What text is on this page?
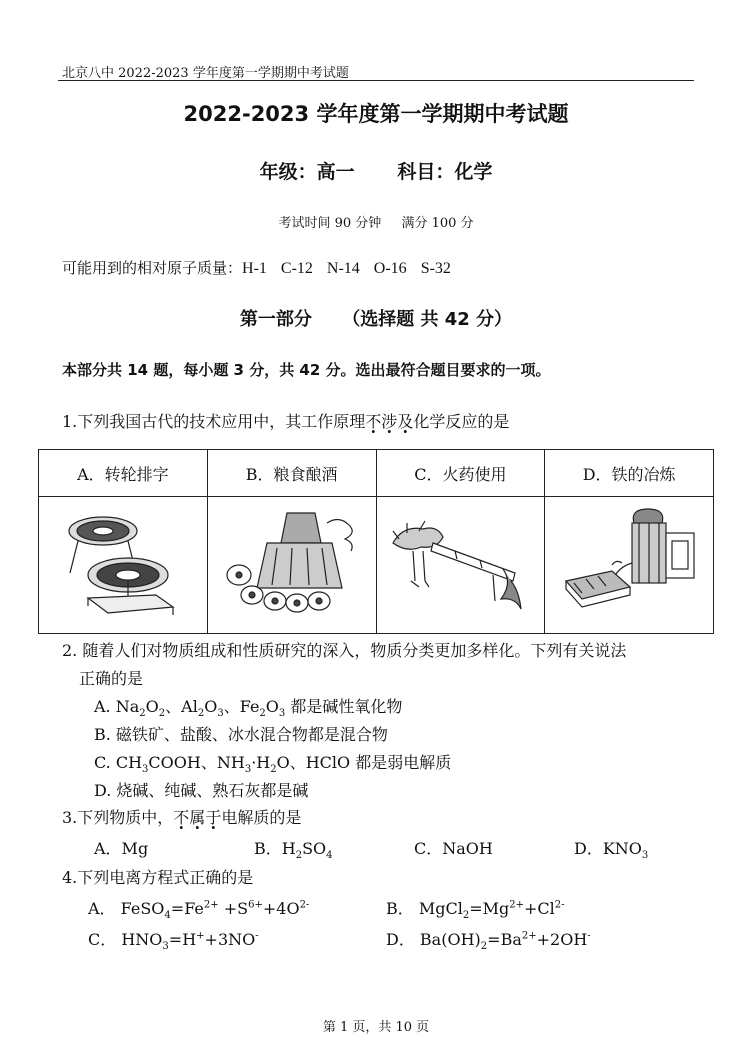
北京八中 2022-2023 学年度第一学期期中考试题
2022-2023 学年度第一学期期中考试题
年级：高一 科目：化学
考试时间 90 分钟 满分 100 分
可能用到的相对原子质量：H-1 C-12 N-14 O-16 S-32
第一部分 （选择题 共 42 分）
本部分共 14 题，每小题 3 分，共 42 分。选出最符合题目要求的一项。
1.下列我国古代的技术应用中，其工作原理不涉及化学反应的是
A．转轮排字	B．粮食酿酒	C．火药使用	D．铁的冶炼

2. 随着人们对物质组成和性质研究的深入，物质分类更加多样化。下列有关说法
正确的是
A. $Na_2O_2$、$Al_2O_3$、$Fe_2O_3$ 都是碱性氧化物
B. 磁铁矿、盐酸、冰水混合物都是混合物
C. $CH_3COOH$、$NH_3\cdot H_2O$、HClO 都是弱电解质
D. 烧碱、纯碱、熟石灰都是碱
3.下列物质中，不属于电解质的是
A．Mg	B．$H_2SO_4$	C．NaOH	D．$KNO_3$
4.下列电离方程式正确的是
A． $FeSO_4=Fe^{2+} +S^{6+}+4O^{2-}$	B． $MgCl_2=Mg^{2+}+Cl^{2-}$
C． $HNO_3=H^++3NO^-$	D． $Ba(OH)_2=Ba^{2+}+2OH^-$
第 1 页，共 10 页
